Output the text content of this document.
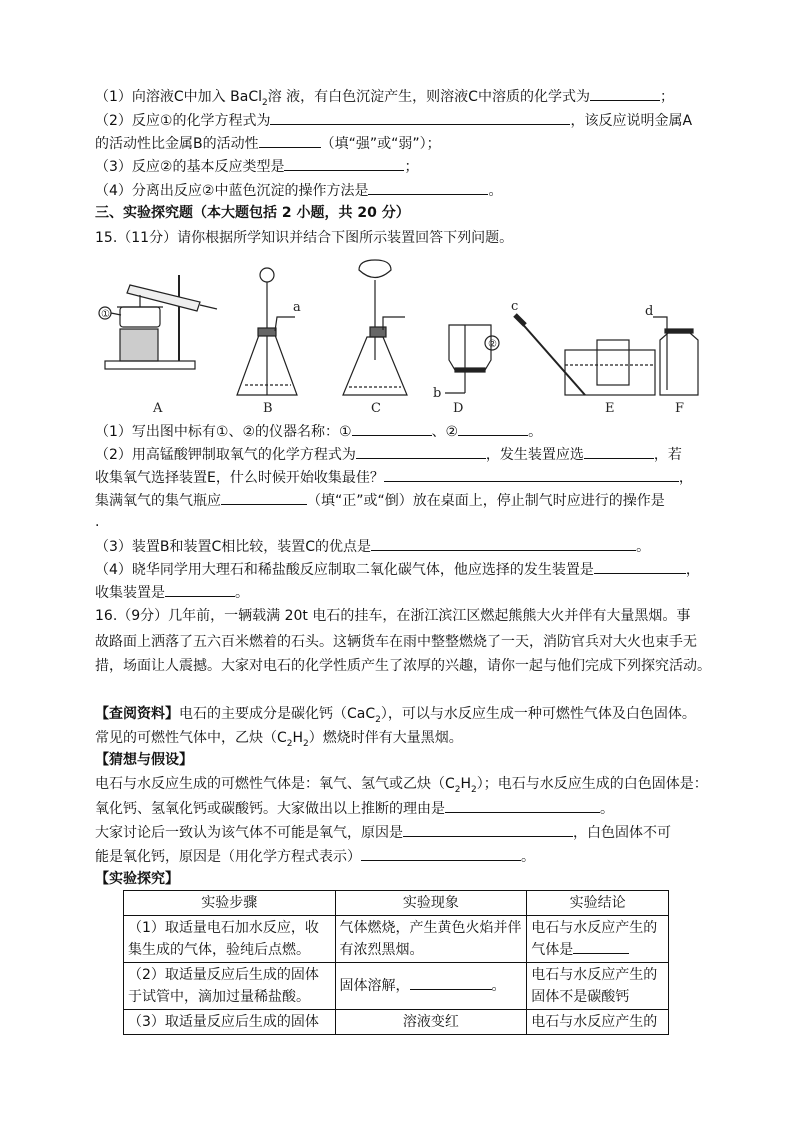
（1）向溶液C中加入 BaCl$_2$溶 液，有白色沉淀产生，则溶液C中溶质的化学式为	；
（2）反应①的化学方程式为	，该反应说明金属A
的活动性比金属B的活动性	（填“强”或“弱”）；
（3）反应②的基本反应类型是	；
（4）分离出反应②中蓝色沉淀的操作方法是	。
三、实验探究题（本大题包括 2 小题，共 20 分）
15.（11分）请你根据所学知识并结合下图所示装置回答下列问题。
①
A
a
B	C
②
b
D
c
E
d
F
（1）写出图中标有①、②的仪器名称：①	、②	。
（2）用高锰酸钾制取氧气的化学方程式为	，发生装置应选	，若
收集氧气选择装置E，什么时候开始收集最佳？	，
集满氧气的集气瓶应	（填“正”或“倒）放在桌面上，停止制气时应进行的操作是
.
（3）装置B和装置C相比较，装置C的优点是	。
（4）晓华同学用大理石和稀盐酸反应制取二氧化碳气体，他应选择的发生装置是	，
收集装置是	。
16.（9分）几年前，一辆载满 20t 电石的挂车，在浙江滨江区燃起熊熊大火并伴有大量黑烟。事
故路面上洒落了五六百米燃着的石头。这辆货车在雨中整整燃烧了一天，消防官兵对大火也束手无
措，场面让人震撼。大家对电石的化学性质产生了浓厚的兴趣，请你一起与他们完成下列探究活动。
【查阅资料】电石的主要成分是碳化钙（CaC$_2$），可以与水反应生成一种可燃性气体及白色固体。
常见的可燃性气体中，乙炔$(C_2H_2)$燃烧时伴有大量黑烟。
【猜想与假设】
电石与水反应生成的可燃性气体是：氧气、氢气或乙炔$(C_2H_2)$；电石与水反应生成的白色固体是：
氧化钙、氢氧化钙或碳酸钙。大家做出以上推断的理由是	。
大家讨论后一致认为该气体不可能是氧气，原因是	，白色固体不可
能是氧化钙，原因是（用化学方程式表示）	。
【实验探究】
实验步骤	实验现象	实验结论
（1）取适量电石加水反应，收集生成的气体，验纯后点燃。	气体燃烧，产生黄色火焰并伴有浓烈黑烟。	电石与水反应产生的气体是
（2）取适量反应后生成的固体于试管中，滴加过量稀盐酸。	固体溶解， 。	电石与水反应产生的固体不是碳酸钙
（3）取适量反应后生成的固体	溶液变红	电石与水反应产生的
